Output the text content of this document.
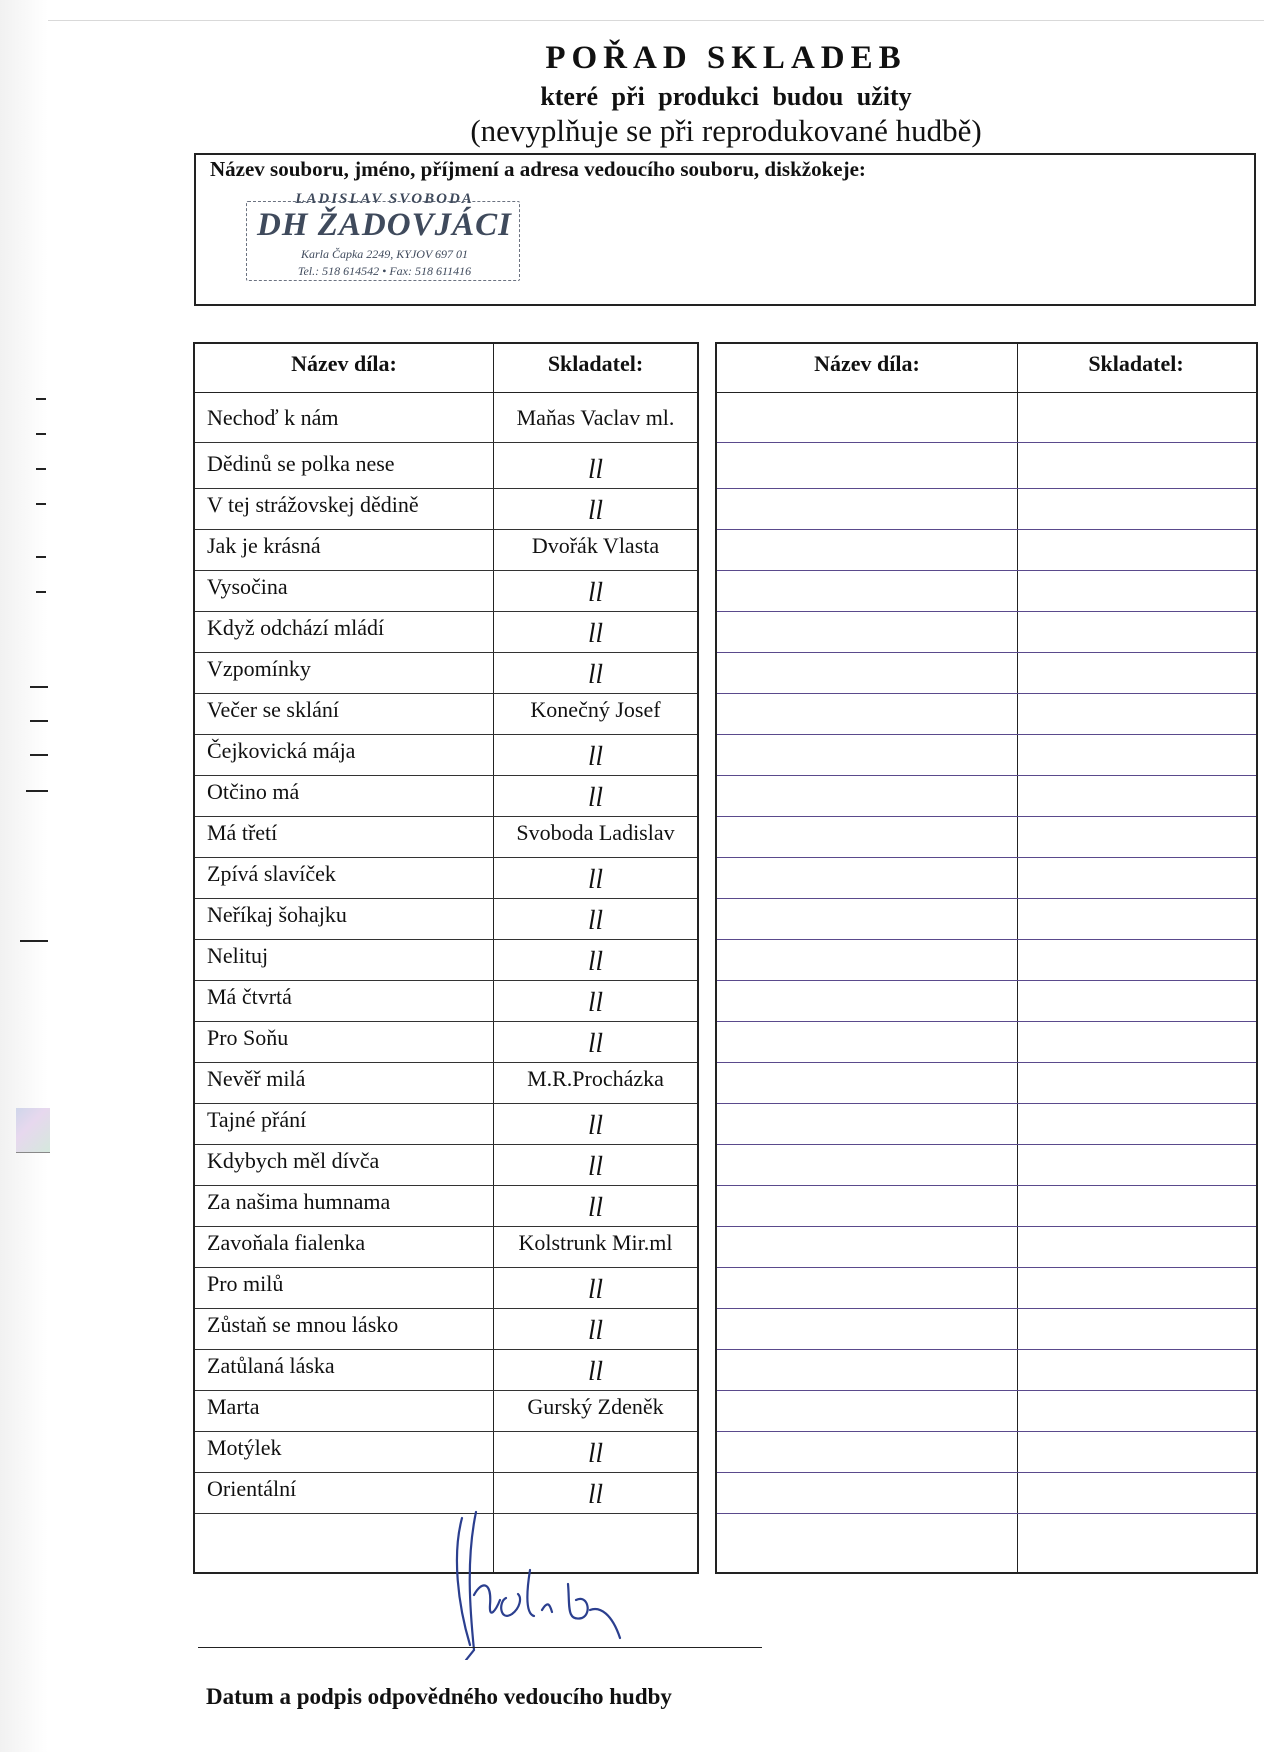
POŘAD SKLADEB
které při produkci budou užity
(nevyplňuje se při reprodukované hudbě)
Název souboru, jméno, příjmení a adresa vedoucího souboru, diskžokeje:
LADISLAV SVOBODA
DH ŽADOVJÁCI
Karla Čapka 2249, KYJOV 697 01
Tel.: 518 614542 • Fax: 518 611416
Název díla:	Skladatel:
Nechoď k nám	Maňas Vaclav ml.
Dědinů se polka nese	ll
V tej strážovskej dědině	ll
Jak je krásná	Dvořák Vlasta
Vysočina	ll
Když odchází mládí	ll
Vzpomínky	ll
Večer se sklání	Konečný Josef
Čejkovická mája	ll
Otčino má	ll
Má třetí	Svoboda Ladislav
Zpívá slavíček	ll
Neříkaj šohajku	ll
Nelituj	ll
Má čtvrtá	ll
Pro Soňu	ll
Nevěř milá	M.R.Procházka
Tajné přání	ll
Kdybych měl dívča	ll
Za našima humnama	ll
Zavoňala fialenka	Kolstrunk Mir.ml
Pro milů	ll
Zůstaň se mnou lásko	ll
Zatůlaná láska	ll
Marta	Gurský Zdeněk
Motýlek	ll
Orientální	ll
Název díla:	Skladatel:
Datum a podpis odpovědného vedoucího hudby
